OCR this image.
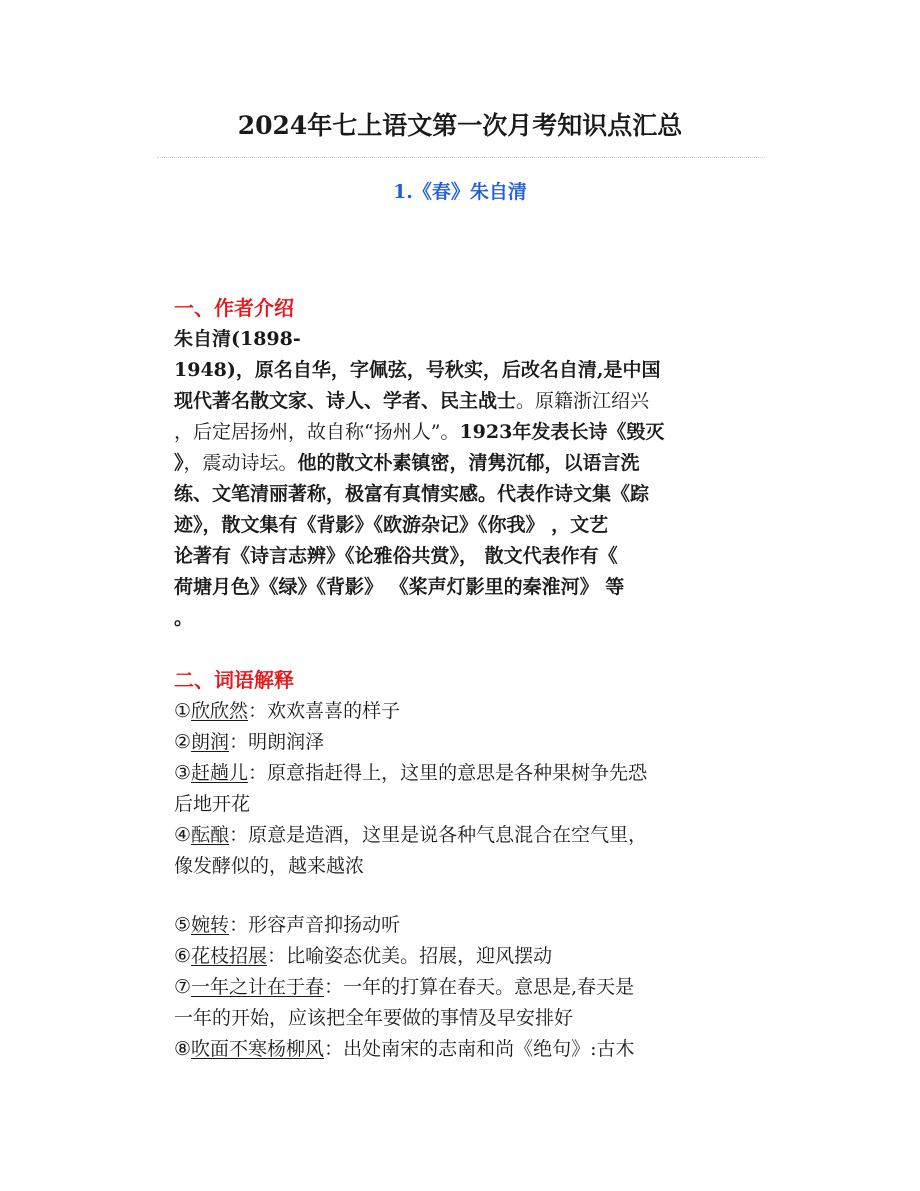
2024年七上语文第一次月考知识点汇总
1.《春》朱自清
一、作者介绍
朱自清(1898-
1948)，原名自华，字佩弦，号秋实，后改名自清,是中国
现代著名散文家、诗人、学者、民主战士。原籍浙江绍兴
，后定居扬州，故自称“扬州人”。1923年发表长诗《毁灭
》，震动诗坛。他的散文朴素镇密，清隽沉郁，以语言洗
练、文笔清丽著称，极富有真情实感。代表作诗文集《踪
迹》，散文集有《背影》《欧游杂记》《你我》 ，文艺
论著有《诗言志辨》《论雅俗共赏》， 散文代表作有《
荷塘月色》《绿》《背影》 《桨声灯影里的秦淮河》 等
。
二、词语解释
①欣欣然：欢欢喜喜的样子
②朗润：明朗润泽
③赶趟儿：原意指赶得上，这里的意思是各种果树争先恐
后地开花
④酝酿：原意是造酒，这里是说各种气息混合在空气里，
像发酵似的，越来越浓
⑤婉转：形容声音抑扬动听
⑥花枝招展：比喻姿态优美。招展，迎风摆动
⑦一年之计在于春：一年的打算在春天。意思是,春天是
一年的开始，应该把全年要做的事情及早安排好
⑧吹面不寒杨柳风：出处南宋的志南和尚《绝句》:古木
